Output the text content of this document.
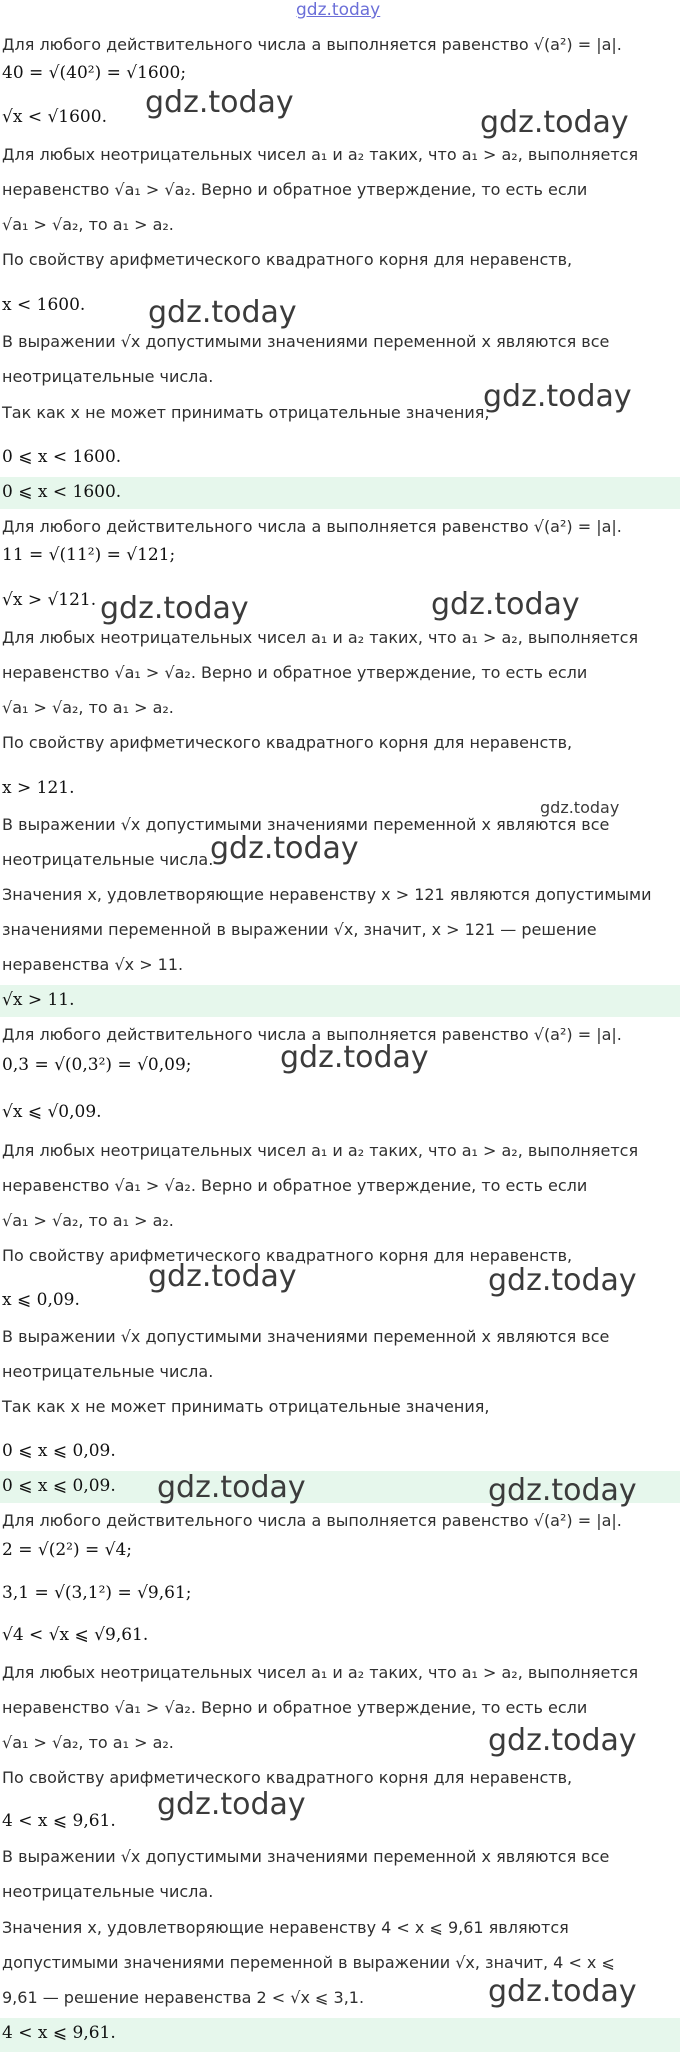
Для любого действительного числа a выполняется равенство √(a²) = |a|.
40 = √(40²) = √1600;
√x < √1600.
Для любых неотрицательных чисел a₁ и a₂ таких, что a₁ > a₂, выполняется
неравенство √a₁ > √a₂. Верно и обратное утверждение, то есть если
√a₁ > √a₂, то a₁ > a₂.
По свойству арифметического квадратного корня для неравенств,
x < 1600.
В выражении √x допустимыми значениями переменной x являются все
неотрицательные числа.
Так как x не может принимать отрицательные значения,
0 ⩽ x < 1600.
0 ⩽ x < 1600.
Для любого действительного числа a выполняется равенство √(a²) = |a|.
11 = √(11²) = √121;
√x > √121.
Для любых неотрицательных чисел a₁ и a₂ таких, что a₁ > a₂, выполняется
неравенство √a₁ > √a₂. Верно и обратное утверждение, то есть если
√a₁ > √a₂, то a₁ > a₂.
По свойству арифметического квадратного корня для неравенств,
x > 121.
В выражении √x допустимыми значениями переменной x являются все
неотрицательные числа.
Значения x, удовлетворяющие неравенству x > 121 являются допустимыми
значениями переменной в выражении √x, значит, x > 121 — решение
неравенства √x > 11.
√x > 11.
Для любого действительного числа a выполняется равенство √(a²) = |a|.
0,3 = √(0,3²) = √0,09;
√x ⩽ √0,09.
Для любых неотрицательных чисел a₁ и a₂ таких, что a₁ > a₂, выполняется
неравенство √a₁ > √a₂. Верно и обратное утверждение, то есть если
√a₁ > √a₂, то a₁ > a₂.
По свойству арифметического квадратного корня для неравенств,
x ⩽ 0,09.
В выражении √x допустимыми значениями переменной x являются все
неотрицательные числа.
Так как x не может принимать отрицательные значения,
0 ⩽ x ⩽ 0,09.
0 ⩽ x ⩽ 0,09.
Для любого действительного числа a выполняется равенство √(a²) = |a|.
2 = √(2²) = √4;
3,1 = √(3,1²) = √9,61;
√4 < √x ⩽ √9,61.
Для любых неотрицательных чисел a₁ и a₂ таких, что a₁ > a₂, выполняется
неравенство √a₁ > √a₂. Верно и обратное утверждение, то есть если
√a₁ > √a₂, то a₁ > a₂.
По свойству арифметического квадратного корня для неравенств,
4 < x ⩽ 9,61.
В выражении √x допустимыми значениями переменной x являются все
неотрицательные числа.
Значения x, удовлетворяющие неравенству 4 < x ⩽ 9,61 являются
допустимыми значениями переменной в выражении √x, значит, 4 < x ⩽
9,61 — решение неравенства 2 < √x ⩽ 3,1.
4 < x ⩽ 9,61.
gdz.today
gdz.today
gdz.today
gdz.today
gdz.today
gdz.today	gdz.today
gdz.today
gdz.today
gdz.today
gdz.today	gdz.today
gdz.today	gdz.today
gdz.today
gdz.today
gdz.today
